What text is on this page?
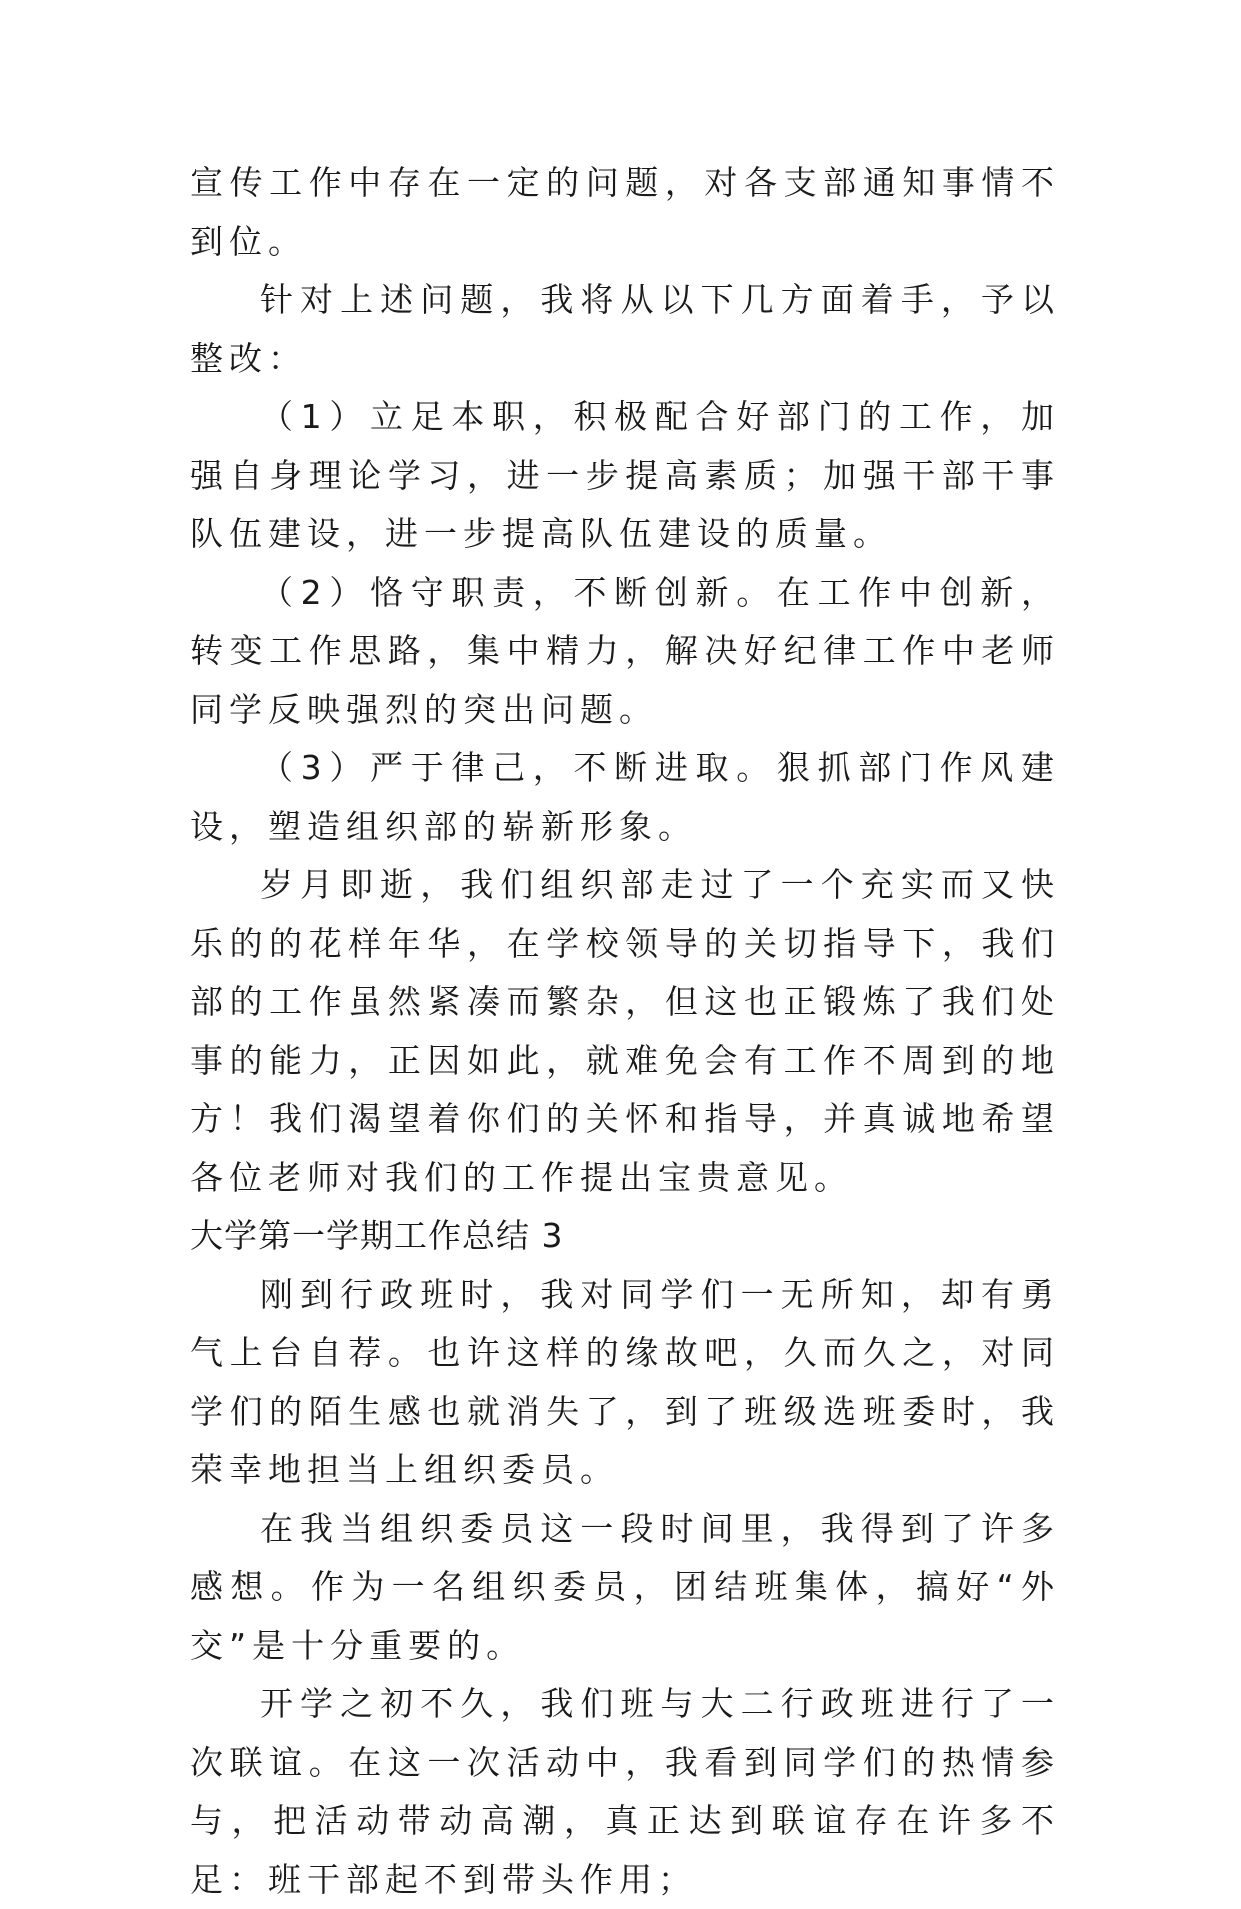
宣传工作中存在一定的问题，对各支部通知事情不到位。

针对上述问题，我将从以下几方面着手，予以整改：

（1）立足本职，积极配合好部门的工作，加强自身理论学习，进一步提高素质；加强干部干事队伍建设，进一步提高队伍建设的质量。

（2）恪守职责，不断创新。在工作中创新，转变工作思路，集中精力，解决好纪律工作中老师同学反映强烈的突出问题。

（3）严于律己，不断进取。狠抓部门作风建设，塑造组织部的崭新形象。

岁月即逝，我们组织部走过了一个充实而又快乐的的花样年华，在学校领导的关切指导下，我们部的工作虽然紧凑而繁杂，但这也正锻炼了我们处事的能力，正因如此，就难免会有工作不周到的地方！我们渴望着你们的关怀和指导，并真诚地希望各位老师对我们的工作提出宝贵意见。

大学第一学期工作总结 3

刚到行政班时，我对同学们一无所知，却有勇气上台自荐。也许这样的缘故吧，久而久之，对同学们的陌生感也就消失了，到了班级选班委时，我荣幸地担当上组织委员。

在我当组织委员这一段时间里，我得到了许多感想。作为一名组织委员，团结班集体，搞好“外交”是十分重要的。

开学之初不久，我们班与大二行政班进行了一次联谊。在这一次活动中，我看到同学们的热情参与，把活动带动高潮，真正达到联谊存在许多不足：班干部起不到带头作用；
